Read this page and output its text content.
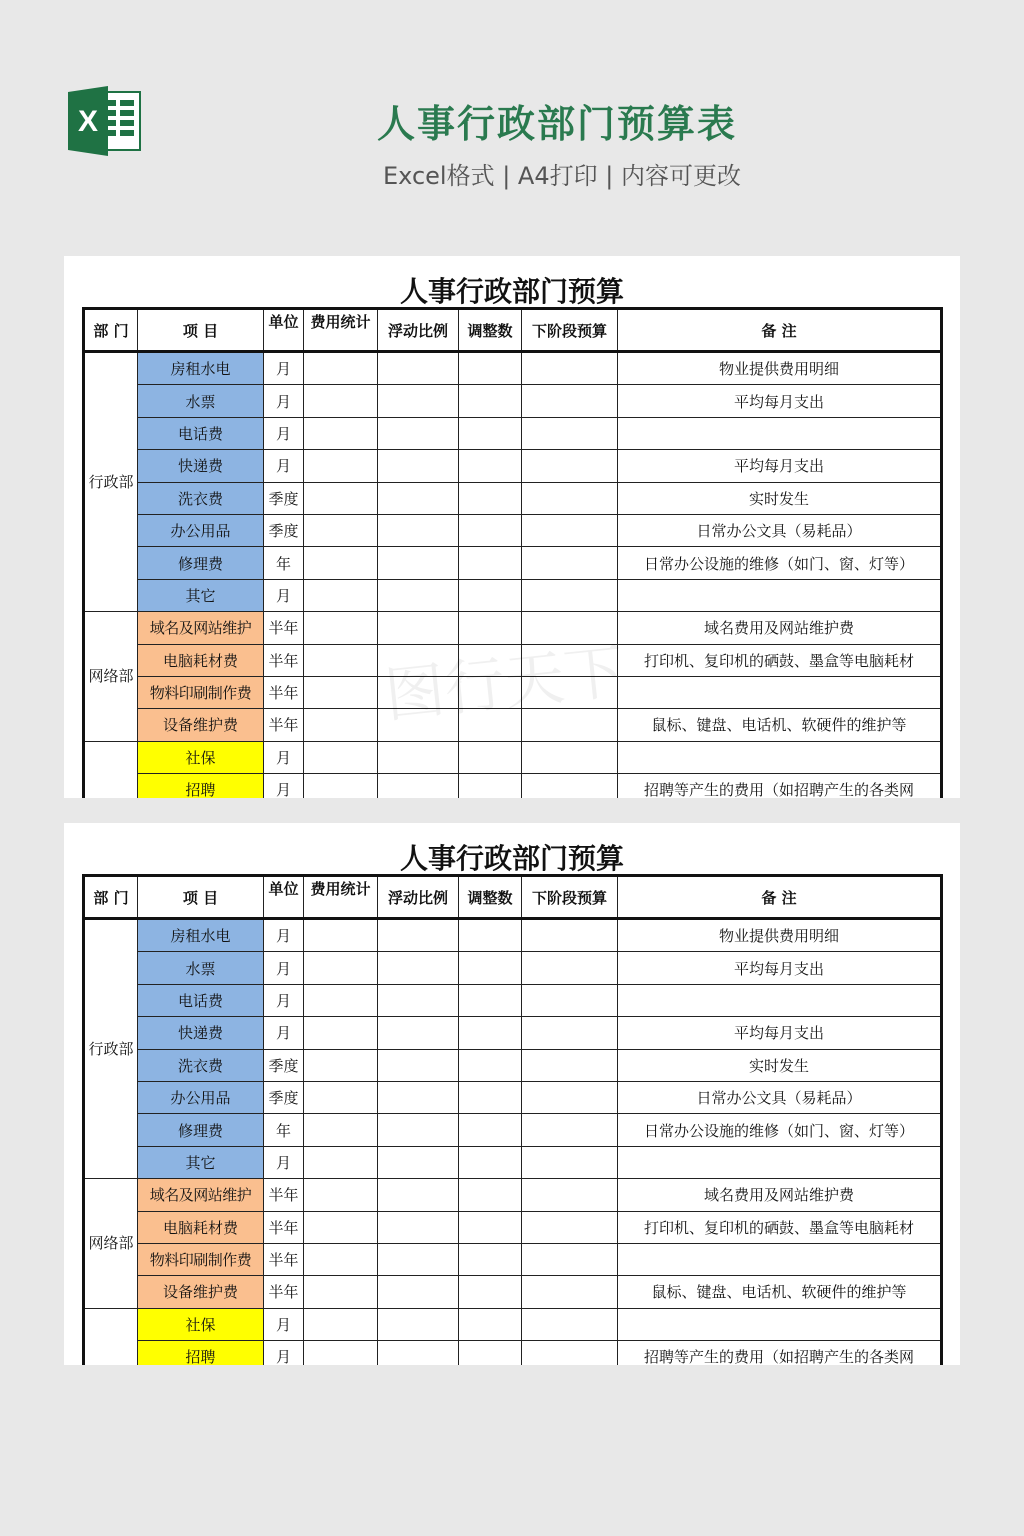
X	人事行政部门预算表
Excel格式 | A4打印 | 内容可更改
人事行政部门预算
部 门	项 目	单位	费用统计	浮动比例	调整数	下阶段预算	备 注
行政部	房租水电	月					物业提供费用明细
	水票	月					平均每月支出
	电话费	月					
	快递费	月					平均每月支出
	洗衣费	季度					实时发生
	办公用品	季度					日常办公文具（易耗品）
	修理费	年					日常办公设施的维修（如门、窗、灯等）
	其它	月					
网络部	域名及网站维护	半年					域名费用及网站维护费
	电脑耗材费	半年					打印机、复印机的硒鼓、墨盒等电脑耗材
	物料印刷制作费	半年					
	设备维护费	半年					鼠标、键盘、电话机、软硬件的维护等
	社保	月					
	招聘	月					招聘等产生的费用（如招聘产生的各类网
图行天下
人事行政部门预算
部 门	项 目	单位	费用统计	浮动比例	调整数	下阶段预算	备 注
行政部	房租水电	月					物业提供费用明细
	水票	月					平均每月支出
	电话费	月					
	快递费	月					平均每月支出
	洗衣费	季度					实时发生
	办公用品	季度					日常办公文具（易耗品）
	修理费	年					日常办公设施的维修（如门、窗、灯等）
	其它	月					
网络部	域名及网站维护	半年					域名费用及网站维护费
	电脑耗材费	半年					打印机、复印机的硒鼓、墨盒等电脑耗材
	物料印刷制作费	半年					
	设备维护费	半年					鼠标、键盘、电话机、软硬件的维护等
	社保	月					
	招聘	月					招聘等产生的费用（如招聘产生的各类网
